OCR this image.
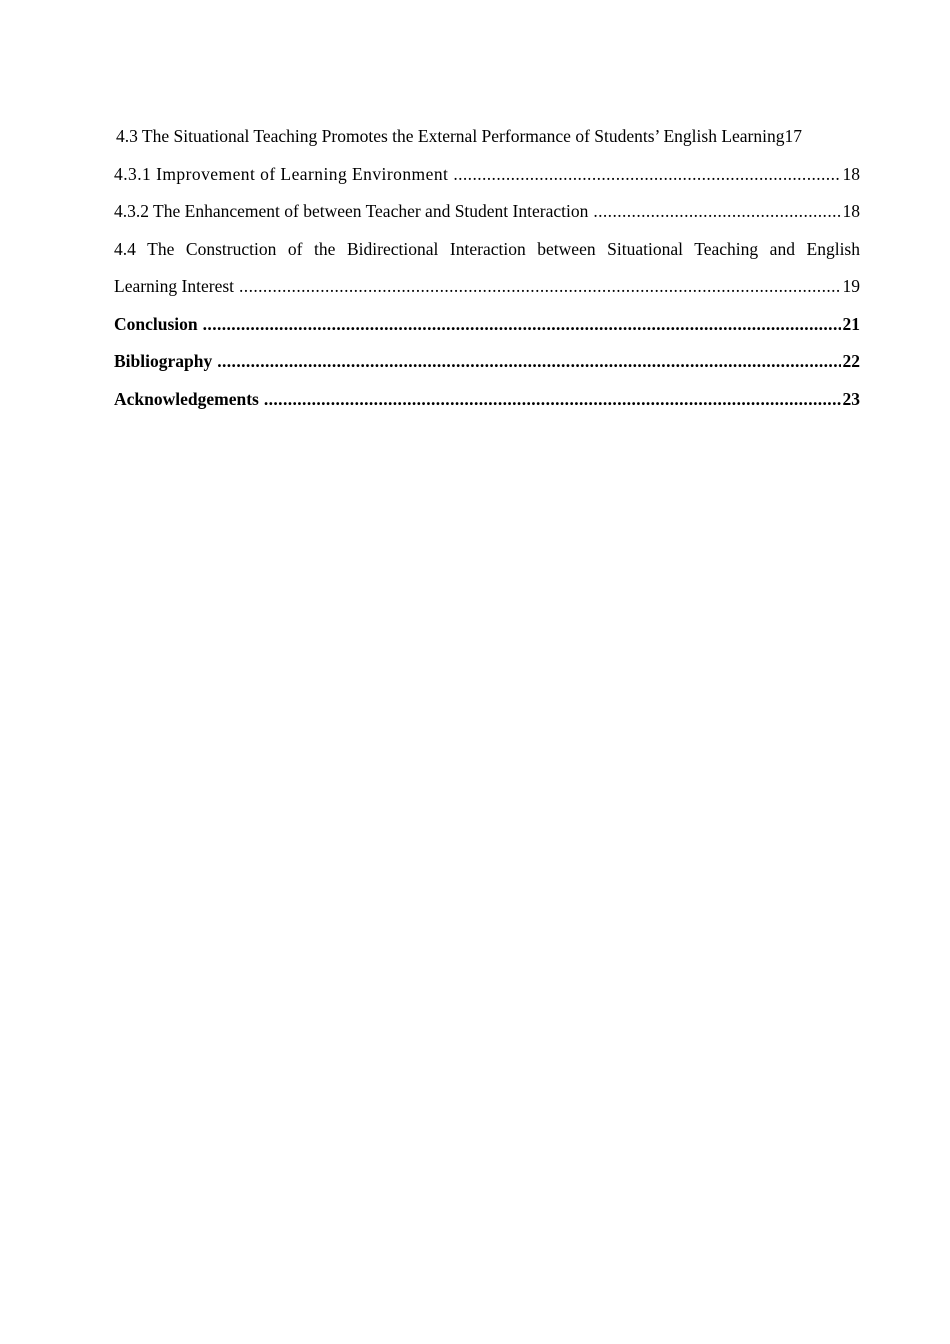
4.3 The Situational Teaching Promotes the External Performance of Students’ English Learning 17
4.3.1 Improvement of Learning Environment .....	18
4.3.2 The Enhancement of between Teacher and Student Interaction .....	18
4.4 The Construction of the Bidirectional Interaction between Situational Teaching and English
Learning Interest .....	19
Conclusion .....	21
Bibliography .....	22
Acknowledgements .....	23
